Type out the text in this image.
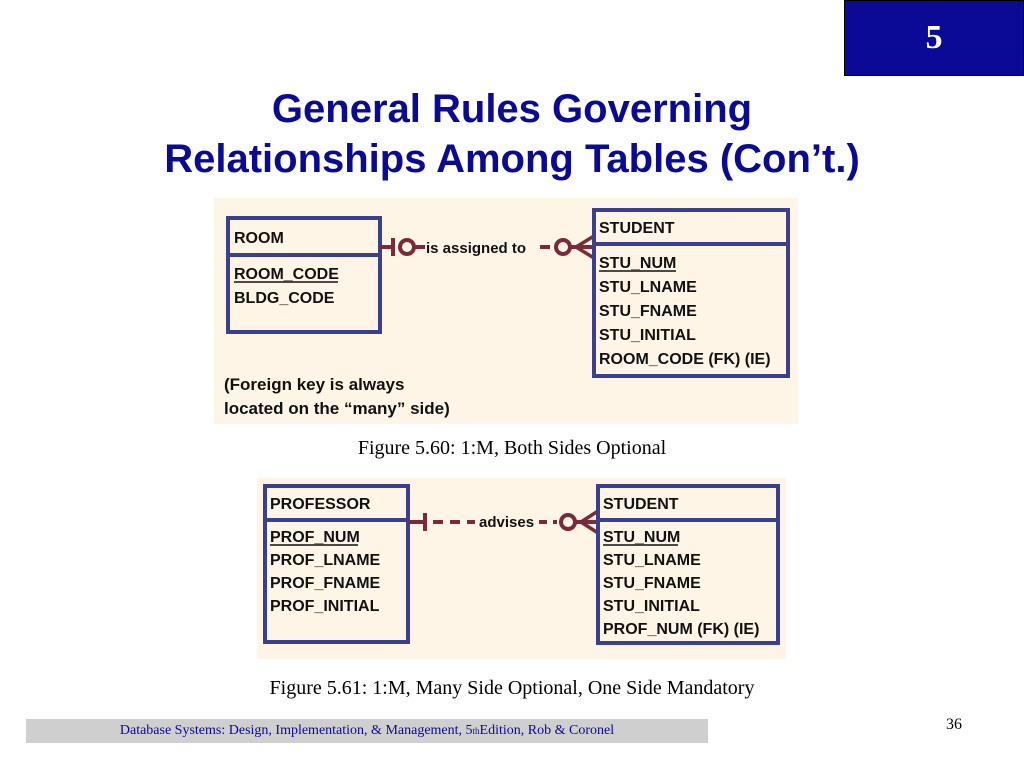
5
General Rules Governing
Relationships Among Tables (Con’t.)
ROOM
ROOM_CODE
BLDG_CODE
is assigned to
STUDENT
STU_NUM
STU_LNAME
STU_FNAME
STU_INITIAL
ROOM_CODE (FK) (IE)
(Foreign key is always
located on the “many” side)
Figure 5.60: 1:M, Both Sides Optional
PROFESSOR
PROF_NUM
PROF_LNAME
PROF_FNAME
PROF_INITIAL
advises
STUDENT
STU_NUM
STU_LNAME
STU_FNAME
STU_INITIAL
PROF_NUM (FK) (IE)
Figure 5.61: 1:M, Many Side Optional, One Side Mandatory
Database Systems: Design, Implementation, & Management, 5 th Edition, Rob & Coronel	36
